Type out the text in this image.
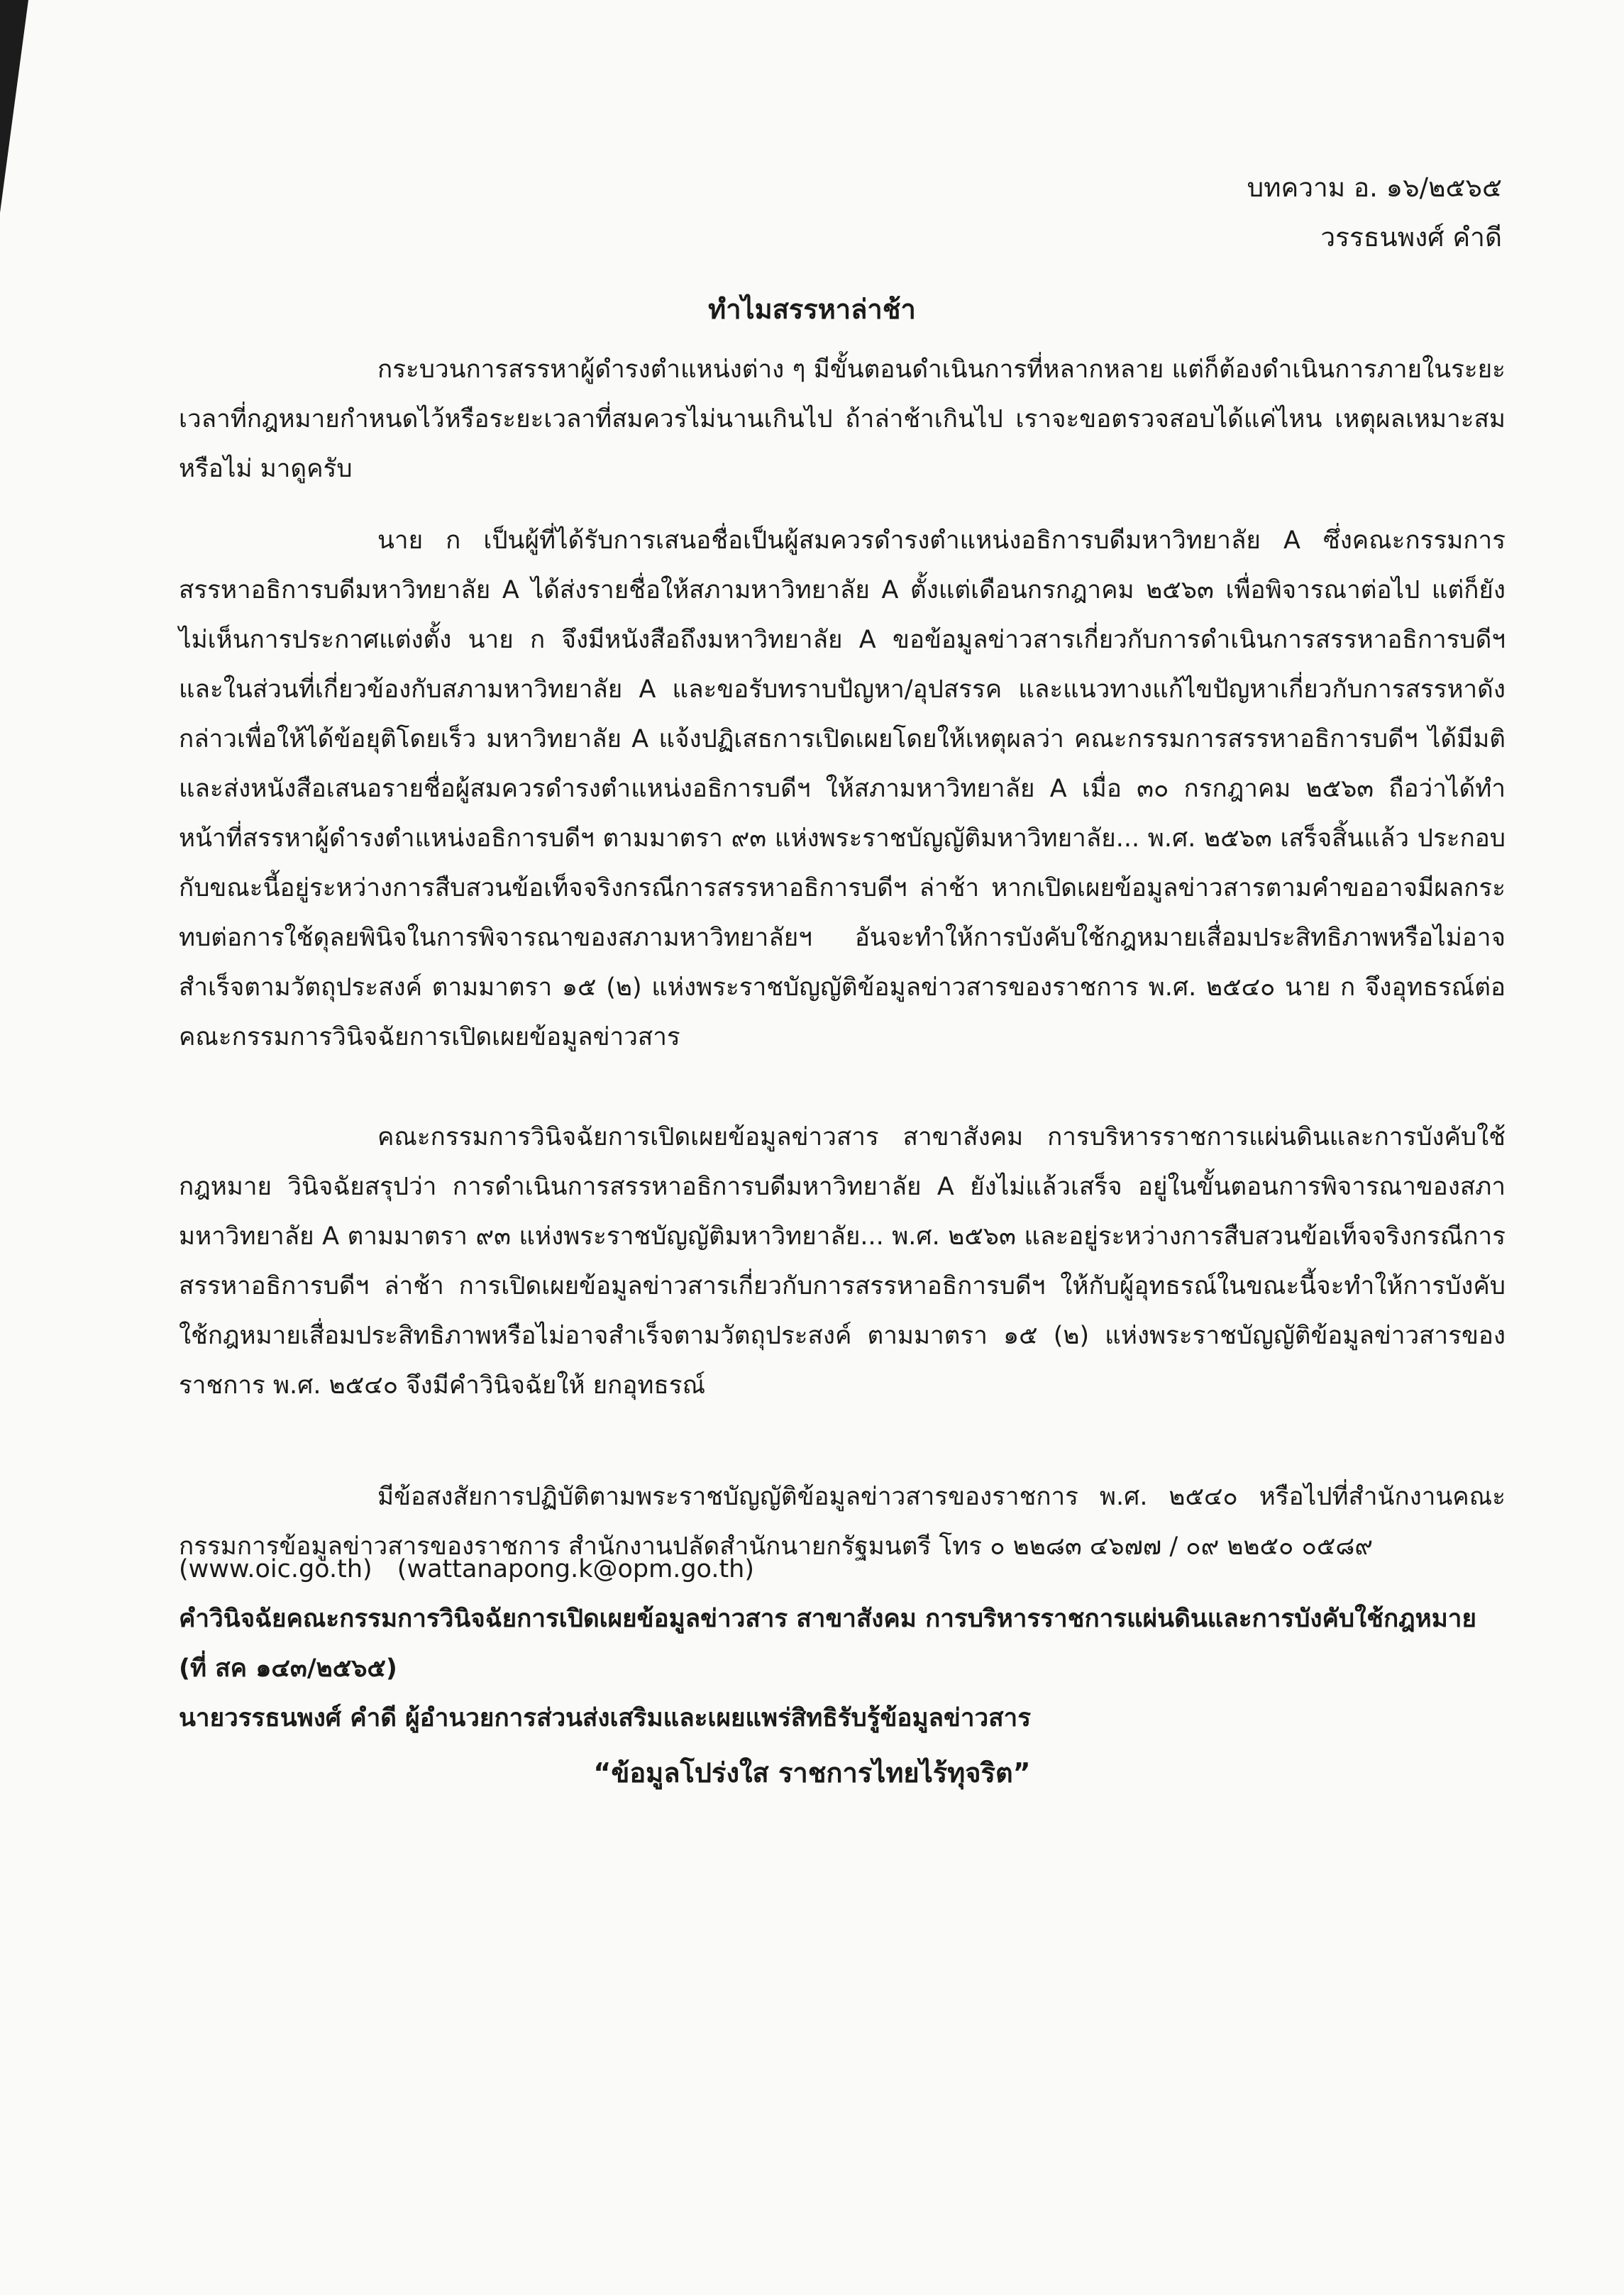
บทความ อ. ๑๖/๒๕๖๕
วรรธนพงศ์ คำดี
ทำไมสรรหาล่าช้า

กระบวนการสรรหาผู้ดำรงตำแหน่งต่าง ๆ มีขั้นตอนดำเนินการที่หลากหลาย แต่ก็ต้องดำเนินการภายในระยะเวลาที่กฎหมายกำหนดไว้หรือระยะเวลาที่สมควรไม่นานเกินไป ถ้าล่าช้าเกินไป เราจะขอตรวจสอบได้แค่ไหน เหตุผลเหมาะสมหรือไม่ มาดูครับ

นาย ก เป็นผู้ที่ได้รับการเสนอชื่อเป็นผู้สมควรดำรงตำแหน่งอธิการบดีมหาวิทยาลัย A ซึ่งคณะกรรมการสรรหาอธิการบดีมหาวิทยาลัย A ได้ส่งรายชื่อให้สภามหาวิทยาลัย A ตั้งแต่เดือนกรกฎาคม ๒๕๖๓ เพื่อพิจารณาต่อไป แต่ก็ยังไม่เห็นการประกาศแต่งตั้ง นาย ก จึงมีหนังสือถึงมหาวิทยาลัย A ขอข้อมูลข่าวสารเกี่ยวกับการดำเนินการสรรหาอธิการบดีฯ และในส่วนที่เกี่ยวข้องกับสภามหาวิทยาลัย A และขอรับทราบปัญหา/อุปสรรค และแนวทางแก้ไขปัญหาเกี่ยวกับการสรรหาดังกล่าวเพื่อให้ได้ข้อยุติโดยเร็ว มหาวิทยาลัย A แจ้งปฏิเสธการเปิดเผยโดยให้เหตุผลว่า คณะกรรมการสรรหาอธิการบดีฯ ได้มีมติและส่งหนังสือเสนอรายชื่อผู้สมควรดำรงตำแหน่งอธิการบดีฯ ให้สภามหาวิทยาลัย A เมื่อ ๓๐ กรกฎาคม ๒๕๖๓ ถือว่าได้ทำหน้าที่สรรหาผู้ดำรงตำแหน่งอธิการบดีฯ ตามมาตรา ๙๓ แห่งพระราชบัญญัติมหาวิทยาลัย... พ.ศ. ๒๕๖๓ เสร็จสิ้นแล้ว ประกอบกับขณะนี้อยู่ระหว่างการสืบสวนข้อเท็จจริงกรณีการสรรหาอธิการบดีฯ ล่าช้า หากเปิดเผยข้อมูลข่าวสารตามคำขออาจมีผลกระทบต่อการใช้ดุลยพินิจในการพิจารณาของสภามหาวิทยาลัยฯ อันจะทำให้การบังคับใช้กฎหมายเสื่อมประสิทธิภาพหรือไม่อาจสำเร็จตามวัตถุประสงค์ ตามมาตรา ๑๕ (๒) แห่งพระราชบัญญัติข้อมูลข่าวสารของราชการ พ.ศ. ๒๕๔๐ นาย ก จึงอุทธรณ์ต่อคณะกรรมการวินิจฉัยการเปิดเผยข้อมูลข่าวสาร

คณะกรรมการวินิจฉัยการเปิดเผยข้อมูลข่าวสาร สาขาสังคม การบริหารราชการแผ่นดินและการบังคับใช้กฎหมาย วินิจฉัยสรุปว่า การดำเนินการสรรหาอธิการบดีมหาวิทยาลัย A ยังไม่แล้วเสร็จ อยู่ในขั้นตอนการพิจารณาของสภามหาวิทยาลัย A ตามมาตรา ๙๓ แห่งพระราชบัญญัติมหาวิทยาลัย... พ.ศ. ๒๕๖๓ และอยู่ระหว่างการสืบสวนข้อเท็จจริงกรณีการสรรหาอธิการบดีฯ ล่าช้า การเปิดเผยข้อมูลข่าวสารเกี่ยวกับการสรรหาอธิการบดีฯ ให้กับผู้อุทธรณ์ในขณะนี้จะทำให้การบังคับใช้กฎหมายเสื่อมประสิทธิภาพหรือไม่อาจสำเร็จตามวัตถุประสงค์ ตามมาตรา ๑๕ (๒) แห่งพระราชบัญญัติข้อมูลข่าวสารของราชการ พ.ศ. ๒๕๔๐ จึงมีคำวินิจฉัยให้ ยกอุทธรณ์

มีข้อสงสัยการปฏิบัติตามพระราชบัญญัติข้อมูลข่าวสารของราชการ พ.ศ. ๒๕๔๐ หรือไปที่สำนักงานคณะกรรมการข้อมูลข่าวสารของราชการ สำนักงานปลัดสำนักนายกรัฐมนตรี โทร ๐ ๒๒๘๓ ๔๖๗๗ / ๐๙ ๒๒๕๐ ๐๕๘๙

(www.oic.go.th) (wattanapong.k@opm.go.th)

คำวินิจฉัยคณะกรรมการวินิจฉัยการเปิดเผยข้อมูลข่าวสาร สาขาสังคม การบริหารราชการแผ่นดินและการบังคับใช้กฎหมาย (ที่ สค ๑๔๓/๒๕๖๕)

นายวรรธนพงศ์ คำดี ผู้อำนวยการส่วนส่งเสริมและเผยแพร่สิทธิรับรู้ข้อมูลข่าวสาร
“ข้อมูลโปร่งใส ราชการไทยไร้ทุจริต”
